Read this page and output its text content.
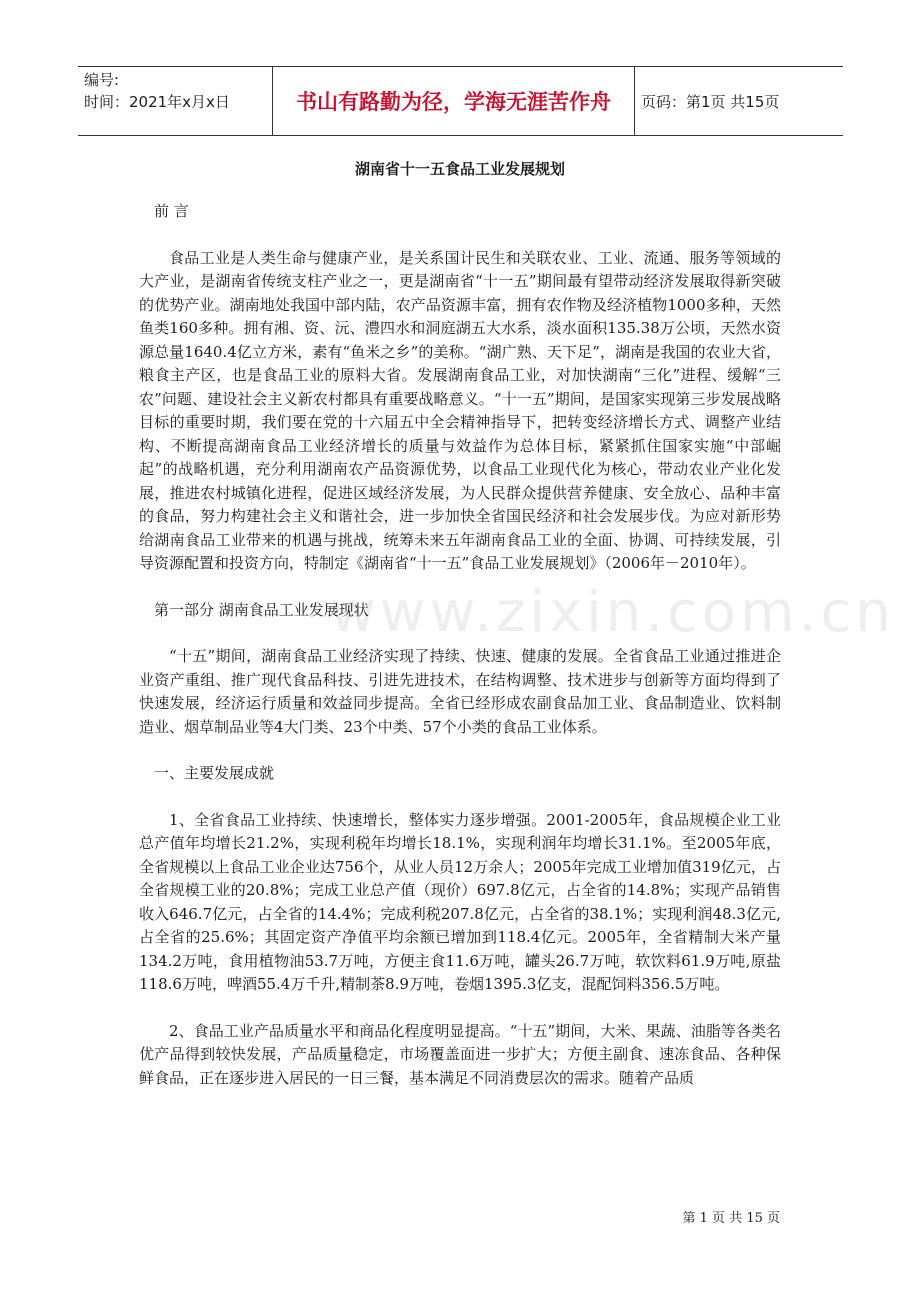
www.zixin.com.cn
编号:
时间：2021年x月x日	书山有路勤为径，学海无涯苦作舟 页码：第1页 共15页
湖南省十一五食品工业发展规划

前 言

食品工业是人类生命与健康产业，是关系国计民生和关联农业、工业、流通、服务等领域的大产业，是湖南省传统支柱产业之一，更是湖南省“十一五”期间最有望带动经济发展取得新突破的优势产业。湖南地处我国中部内陆，农产品资源丰富，拥有农作物及经济植物1000多种，天然鱼类160多种。拥有湘、资、沅、澧四水和洞庭湖五大水系，淡水面积135.38万公顷，天然水资源总量1640.4亿立方米，素有“鱼米之乡”的美称。“湖广熟、天下足”，湖南是我国的农业大省，粮食主产区，也是食品工业的原料大省。发展湖南食品工业，对加快湖南“三化”进程、缓解“三农”问题、建设社会主义新农村都具有重要战略意义。“十一五”期间，是国家实现第三步发展战略目标的重要时期，我们要在党的十六届五中全会精神指导下，把转变经济增长方式、调整产业结构、不断提高湖南食品工业经济增长的质量与效益作为总体目标，紧紧抓住国家实施“中部崛起”的战略机遇，充分利用湖南农产品资源优势，以食品工业现代化为核心，带动农业产业化发展，推进农村城镇化进程，促进区域经济发展，为人民群众提供营养健康、安全放心、品种丰富的食品，努力构建社会主义和谐社会，进一步加快全省国民经济和社会发展步伐。为应对新形势给湖南食品工业带来的机遇与挑战，统筹未来五年湖南食品工业的全面、协调、可持续发展，引导资源配置和投资方向，特制定《湖南省“十一五”食品工业发展规划》（2006年－2010年）。

第一部分 湖南食品工业发展现状

“十五”期间，湖南食品工业经济实现了持续、快速、健康的发展。全省食品工业通过推进企业资产重组、推广现代食品科技、引进先进技术，在结构调整、技术进步与创新等方面均得到了快速发展，经济运行质量和效益同步提高。全省已经形成农副食品加工业、食品制造业、饮料制造业、烟草制品业等4大门类、23个中类、57个小类的食品工业体系。

一、主要发展成就

1、全省食品工业持续、快速增长，整体实力逐步增强。2001-2005年，食品规模企业工业总产值年均增长21.2%，实现利税年均增长18.1%，实现利润年均增长31.1%。至2005年底，全省规模以上食品工业企业达756个，从业人员12万余人；2005年完成工业增加值319亿元，占全省规模工业的20.8%；完成工业总产值（现价）697.8亿元，占全省的14.8%；实现产品销售收入646.7亿元，占全省的14.4%；完成利税207.8亿元，占全省的38.1%；实现利润48.3亿元,占全省的25.6%；其固定资产净值平均余额已增加到118.4亿元。2005年，全省精制大米产量134.2万吨，食用植物油53.7万吨，方便主食11.6万吨，罐头26.7万吨，软饮料61.9万吨,原盐118.6万吨，啤酒55.4万千升,精制茶8.9万吨，卷烟1395.3亿支，混配饲料356.5万吨。

2、食品工业产品质量水平和商品化程度明显提高。“十五”期间，大米、果蔬、油脂等各类名优产品得到较快发展，产品质量稳定，市场覆盖面进一步扩大；方便主副食、速冻食品、各种保鲜食品，正在逐步进入居民的一日三餐，基本满足不同消费层次的需求。随着产品质

第 1 页 共 15 页
